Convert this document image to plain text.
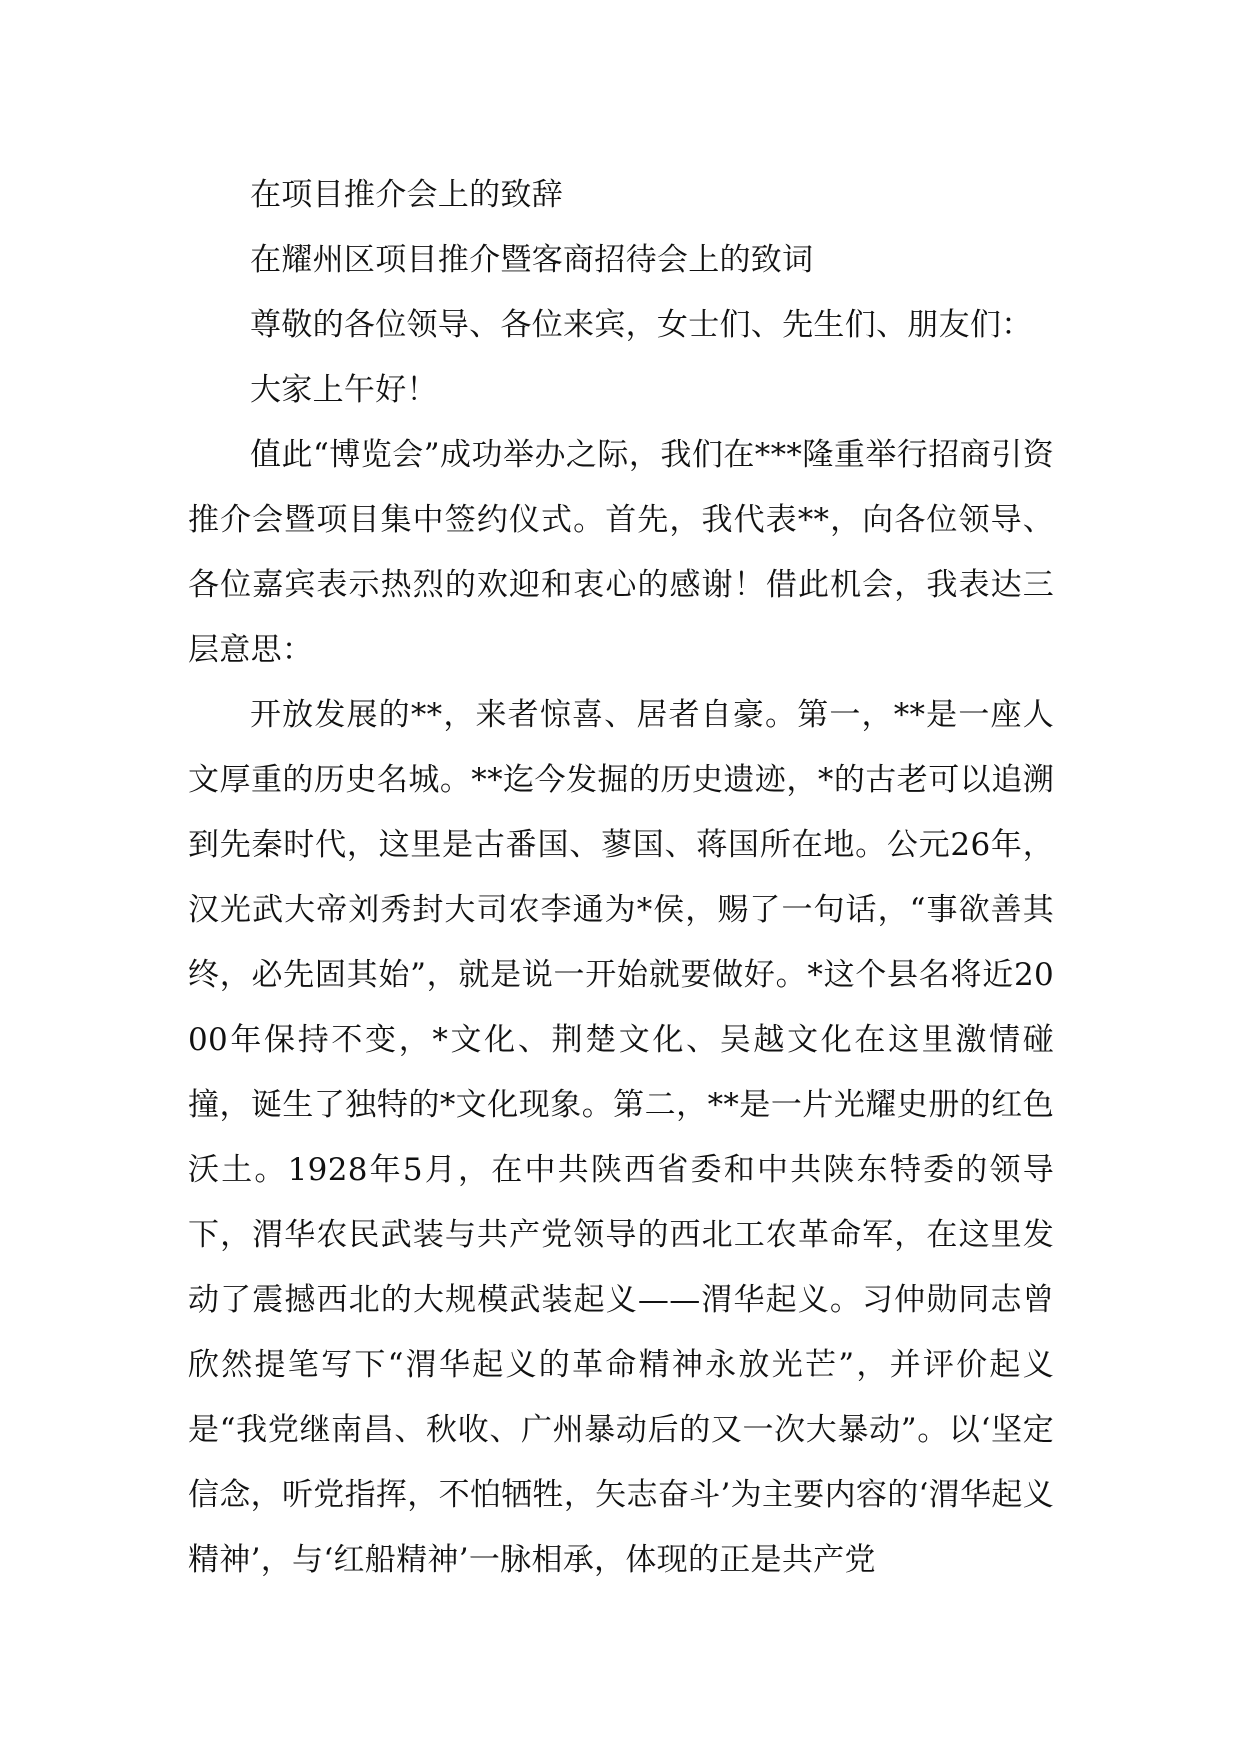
在项目推介会上的致辞

在耀州区项目推介暨客商招待会上的致词

尊敬的各位领导、各位来宾，女士们、先生们、朋友们：

大家上午好！

值此“博览会”成功举办之际，我们在***隆重举行招商引资推介会暨项目集中签约仪式。首先，我代表**，向各位领导、各位嘉宾表示热烈的欢迎和衷心的感谢！借此机会，我表达三层意思：

开放发展的**，来者惊喜、居者自豪。第一，**是一座人文厚重的历史名城。**迄今发掘的历史遗迹，*的古老可以追溯到先秦时代，这里是古番国、蓼国、蒋国所在地。公元26年，汉光武大帝刘秀封大司农李通为*侯，赐了一句话，“事欲善其终，必先固其始”，就是说一开始就要做好。*这个县名将近2000年保持不变，*文化、荆楚文化、吴越文化在这里激情碰撞，诞生了独特的*文化现象。第二，**是一片光耀史册的红色沃土。1928年5月，在中共陕西省委和中共陕东特委的领导下，渭华农民武装与共产党领导的西北工农革命军，在这里发动了震撼西北的大规模武装起义——渭华起义。习仲勋同志曾欣然提笔写下“渭华起义的革命精神永放光芒”，并评价起义是“我党继南昌、秋收、广州暴动后的又一次大暴动”。以‘坚定信念，听党指挥，不怕牺牲，矢志奋斗’为主要内容的‘渭华起义精神’，与‘红船精神’一脉相承，体现的正是共产党
